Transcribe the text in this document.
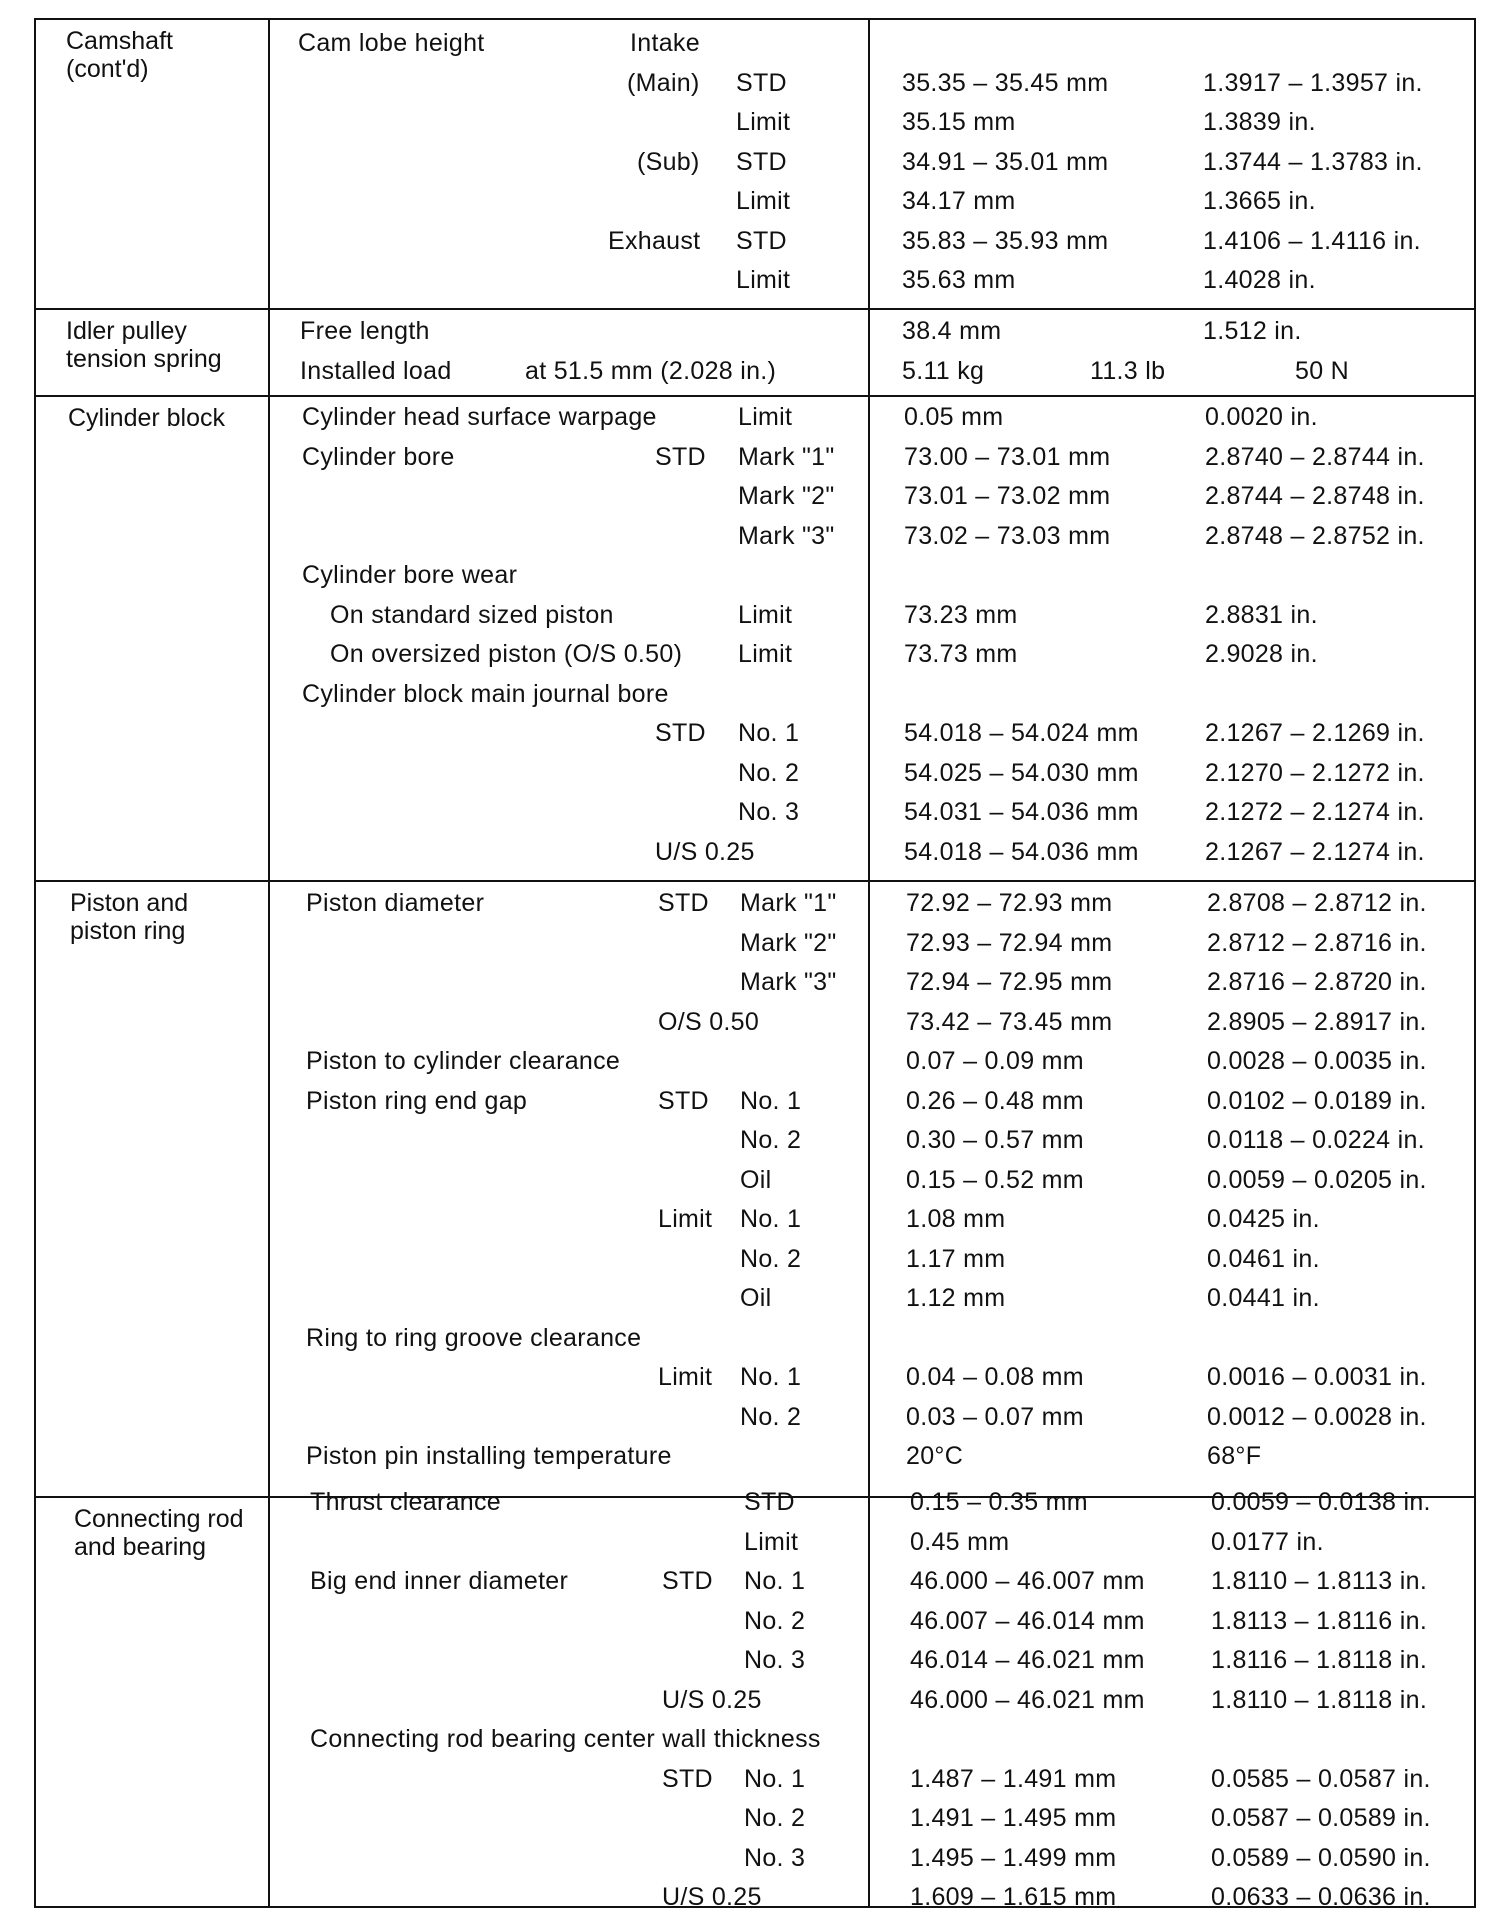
Camshaft
(cont'd)
Cam lobe height	Intake
(Main) STD	35.35 – 35.45 mm	1.3917 – 1.3957 in.
Limit	35.15 mm	1.3839 in.
(Sub) STD	34.91 – 35.01 mm	1.3744 – 1.3783 in.
Limit	34.17 mm	1.3665 in.
Exhaust STD	35.83 – 35.93 mm	1.4106 – 1.4116 in.
Limit	35.63 mm	1.4028 in.
Idler pulley
tension spring
Free length	38.4 mm	1.512 in.
Installed load	at 51.5 mm (2.028 in.)	5.11 kg	11.3 lb	50 N
Cylinder block	Cylinder head surface warpage	Limit	0.05 mm	0.0020 in.
Cylinder bore	STD Mark "1"	73.00 – 73.01 mm	2.8740 – 2.8744 in.
Mark "2"	73.01 – 73.02 mm	2.8744 – 2.8748 in.
Mark "3"	73.02 – 73.03 mm	2.8748 – 2.8752 in.
Cylinder bore wear
On standard sized piston	Limit	73.23 mm	2.8831 in.
On oversized piston (O/S 0.50) Limit	73.73 mm	2.9028 in.
Cylinder block main journal bore
STD No. 1	54.018 – 54.024 mm	2.1267 – 2.1269 in.
No. 2	54.025 – 54.030 mm	2.1270 – 2.1272 in.
No. 3	54.031 – 54.036 mm	2.1272 – 2.1274 in.
U/S 0.25	54.018 – 54.036 mm	2.1267 – 2.1274 in.
Piston and
piston ring
Piston diameter	STD Mark "1"	72.92 – 72.93 mm	2.8708 – 2.8712 in.
Mark "2"	72.93 – 72.94 mm	2.8712 – 2.8716 in.
Mark "3"	72.94 – 72.95 mm	2.8716 – 2.8720 in.
O/S 0.50	73.42 – 73.45 mm	2.8905 – 2.8917 in.
Piston to cylinder clearance	0.07 – 0.09 mm	0.0028 – 0.0035 in.
Piston ring end gap	STD No. 1	0.26 – 0.48 mm	0.0102 – 0.0189 in.
No. 2	0.30 – 0.57 mm	0.0118 – 0.0224 in.
Oil	0.15 – 0.52 mm	0.0059 – 0.0205 in.
Limit No. 1	1.08 mm	0.0425 in.
No. 2	1.17 mm	0.0461 in.
Oil	1.12 mm	0.0441 in.
Ring to ring groove clearance
Limit No. 1	0.04 – 0.08 mm	0.0016 – 0.0031 in.
No. 2	0.03 – 0.07 mm	0.0012 – 0.0028 in.
Piston pin installing temperature	20°C	68°F
Connecting rod
and bearing
Thrust clearance	STD	0.15 – 0.35 mm	0.0059 – 0.0138 in.
Limit	0.45 mm	0.0177 in.
Big end inner diameter	STD No. 1	46.000 – 46.007 mm	1.8110 – 1.8113 in.
No. 2	46.007 – 46.014 mm	1.8113 – 1.8116 in.
No. 3	46.014 – 46.021 mm	1.8116 – 1.8118 in.
U/S 0.25	46.000 – 46.021 mm	1.8110 – 1.8118 in.
Connecting rod bearing center wall thickness
STD No. 1	1.487 – 1.491 mm	0.0585 – 0.0587 in.
No. 2	1.491 – 1.495 mm	0.0587 – 0.0589 in.
No. 3	1.495 – 1.499 mm	0.0589 – 0.0590 in.
U/S 0.25	1.609 – 1.615 mm	0.0633 – 0.0636 in.
